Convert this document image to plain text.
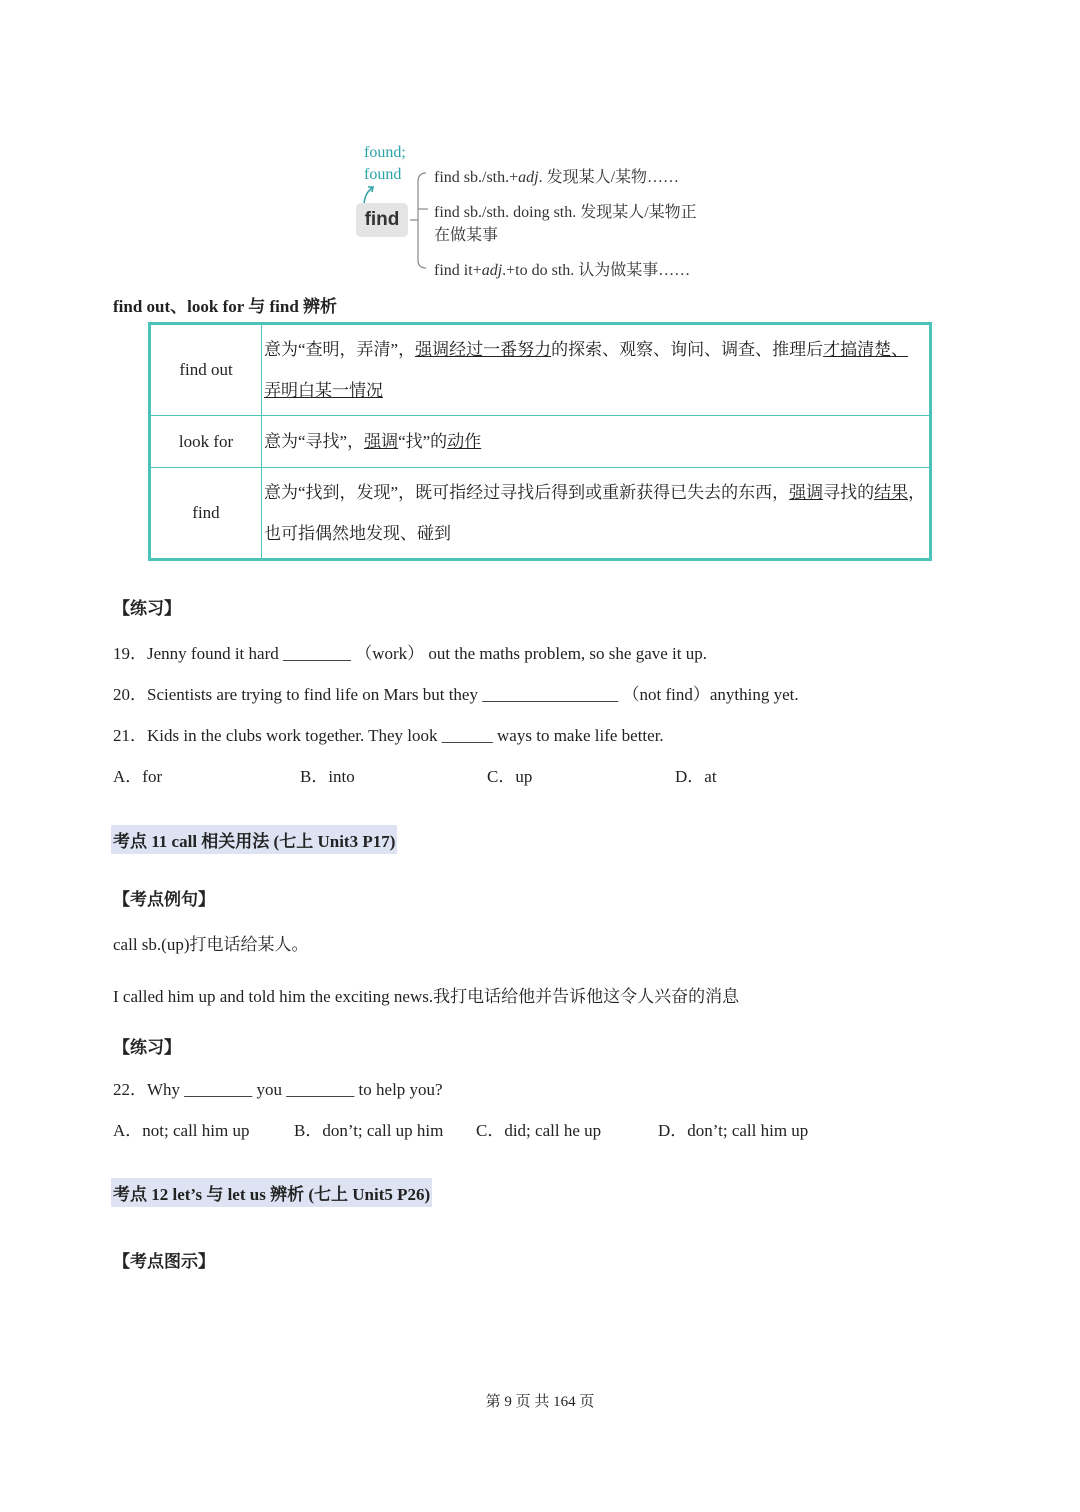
found;
found
find
find sb./sth.+adj. 发现某人/某物……
find sb./sth. doing sth. 发现某人/某物正
在做某事
find it+adj.+to do sth. 认为做某事……
find out、look for 与 find 辨析
find out	意为“查明，弄清”，强调经过一番努力的探索、观察、询问、调查、推理后才搞清楚、
弄明白某一情况
look for	意为“寻找”，强调“找”的动作
find	意为“找到，发现”，既可指经过寻找后得到或重新获得已失去的东西，强调寻找的结果，也可指偶然地发现、碰到
【练习】
19．Jenny found it hard ________ （work） out the maths problem, so she gave it up.
20．Scientists are trying to find life on Mars but they ________________ （not find）anything yet.
21．Kids in the clubs work together. They look ______ ways to make life better.
A．for	B．into	C．up	D．at
考点 11 call 相关用法 (七上 Unit3 P17)
【考点例句】
call sb.(up)打电话给某人。
I called him up and told him the exciting news.我打电话给他并告诉他这令人兴奋的消息
【练习】
22．Why ________ you ________ to help you?
A．not; call him up	B．don’t; call up him C．did; call he up	D．don’t; call him up
考点 12 let’s 与 let us 辨析 (七上 Unit5 P26)
【考点图示】
第 9 页 共 164 页
